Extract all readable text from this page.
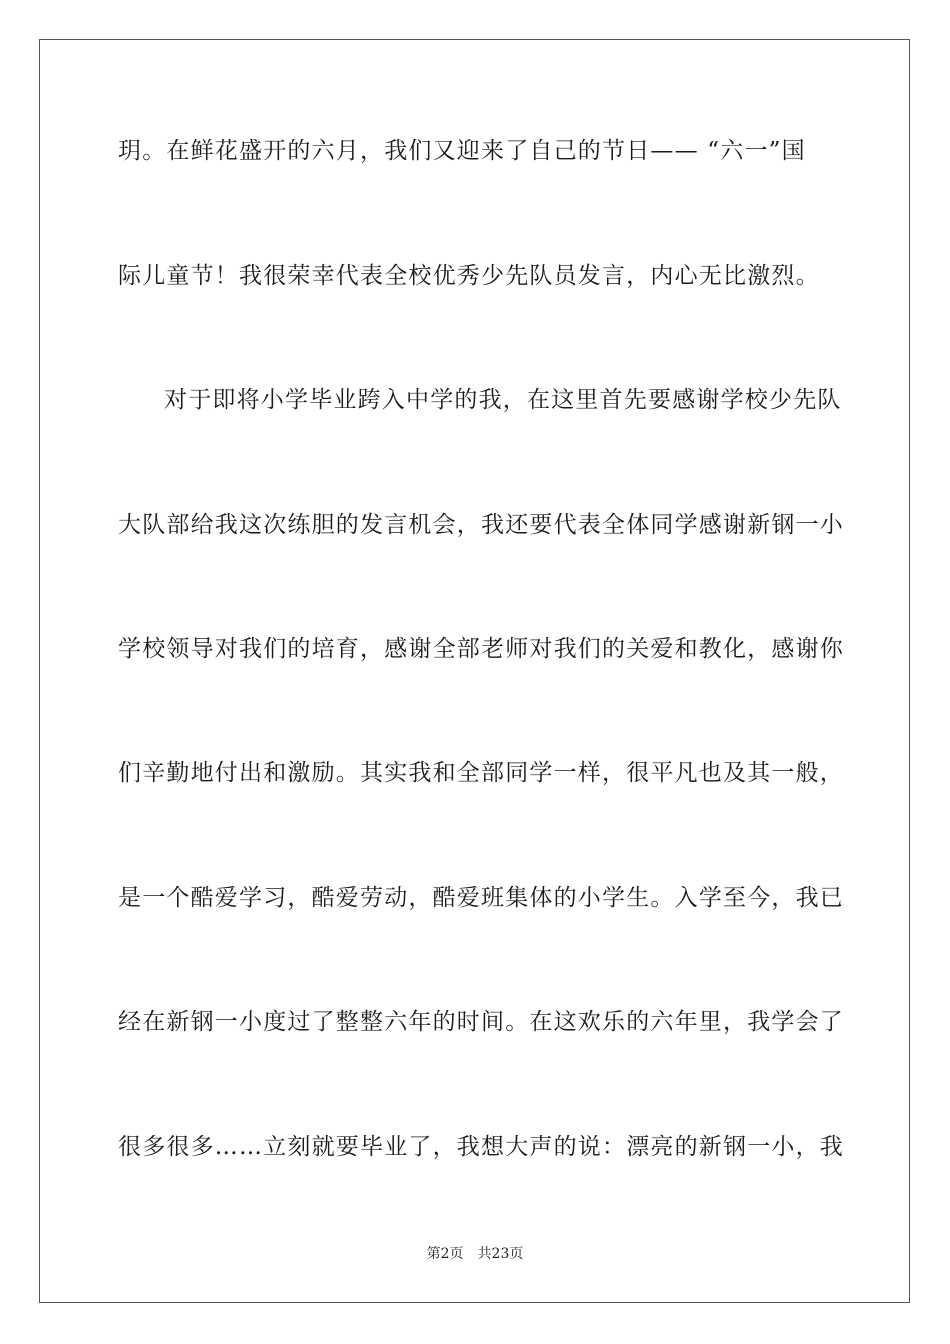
玥。在鲜花盛开的六月，我们又迎来了自己的节日—— “六一”国
际儿童节！我很荣幸代表全校优秀少先队员发言，内心无比激烈。
对于即将小学毕业跨入中学的我，在这里首先要感谢学校少先队
大队部给我这次练胆的发言机会，我还要代表全体同学感谢新钢一小
学校领导对我们的培育，感谢全部老师对我们的关爱和教化，感谢你
们辛勤地付出和激励。其实我和全部同学一样，很平凡也及其一般，
是一个酷爱学习，酷爱劳动，酷爱班集体的小学生。入学至今，我已
经在新钢一小度过了整整六年的时间。在这欢乐的六年里，我学会了
很多很多……立刻就要毕业了，我想大声的说：漂亮的新钢一小，我
第2页 共23页
